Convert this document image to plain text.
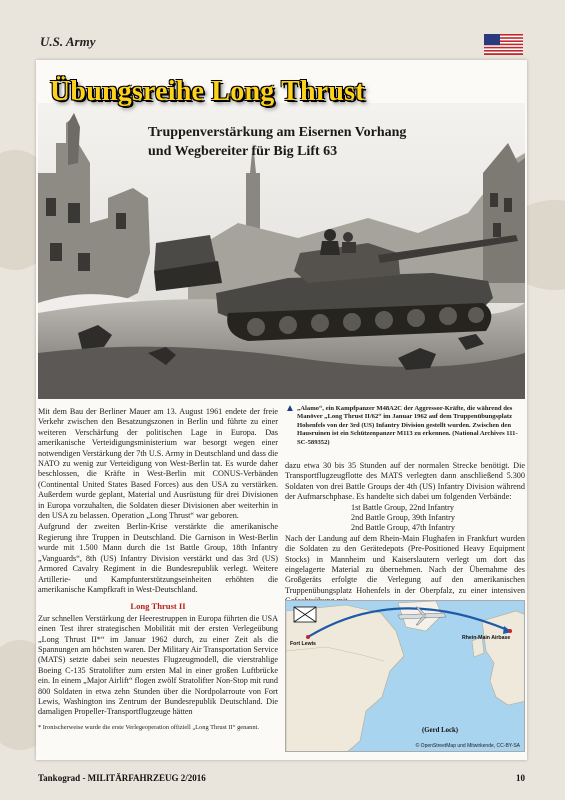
U.S. Army
Übungsreihe Long Thrust
Truppenverstärkung am Eisernen Vorhang
und Wegbereiter für Big Lift 63

Mit dem Bau der Berliner Mauer am 13. August 1961 endete der freie Verkehr zwischen den Besatzungszonen in Berlin und führte zu einer weiteren Verschärfung der politischen Lage in Europa. Das amerikanische Verteidigungsministerium war besorgt wegen einer notwendigen Verstärkung der 7th U.S. Army in Deutschland und dass die NATO zu wenig zur Verteidigung von West-Berlin tat. Es wurde daher beschlossen, die Kräfte in West-Berlin mit CONUS-Verbänden (Continental United States Based Forces) aus den USA zu verstärken. Außerdem wurde geplant, Material und Ausrüstung für drei Divisionen in Europa vorzuhalten, die Soldaten dieser Divisionen aber weiterhin in den USA zu belassen. Operation „Long Thrust“ war geboren.

Aufgrund der zweiten Berlin-Krise verstärkte die amerikanische Regierung ihre Truppen in Deutschland. Die Garnison in West-Berlin wurde mit 1.500 Mann durch die 1st Battle Group, 18th Infantry „Vanguards“, 8th (US) Infantry Division verstärkt und das 3rd (US) Armored Cavalry Regiment in die Bundesrepublik verlegt. Weitere Artillerie- und Kampfunterstützungseinheiten erhöhten die amerikanische Kampfkraft in West-Deutschland.

Long Thrust II

Zur schnellen Verstärkung der Heerestruppen in Europa führten die USA einen Test ihrer strategischen Mobilität mit der ersten Verlegeübung „Long Thrust II*“ im Januar 1962 durch, zu einer Zeit als die Spannungen am höchsten waren. Der Military Air Transportation Service (MATS) setzte dabei sein neuestes Flugzeugmodell, die vierstrahlige Boeing C-135 Stratolifter zum ersten Mal in einer großen Luftbrücke ein. In einem „Major Airlift“ flogen zwölf Stratolifter Non-Stop mit rund 800 Soldaten in etwa zehn Stunden über die Nordpolarroute von Fort Lewis, Washington ins Zentrum der Bundesrepublik Deutschland. Die damaligen Propeller-Transportflugzeuge hätten

* Ironischerweise wurde die erste Verlegeoperation offiziell „Long Thrust II“ genannt.

▲ „Alamo“, ein Kampfpanzer M48A2C der Aggressor-Kräfte, die während des Manöver „Long Thrust II/62“ im Januar 1962 auf dem Truppenübungsplatz Hohenfels von der 3rd (US) Infantry Division gestellt wurden. Zwischen den Hausruinen ist ein Schützenpanzer M113 zu erkennen. (National Archives 111-SC-589352)

dazu etwa 30 bis 35 Stunden auf der normalen Strecke benötigt. Die Transportflugzeugflotte des MATS verlegten dann anschließend 5.300 Soldaten von drei Battle Groups der 4th (US) Infantry Division während der Aufmarschphase. Es handelte sich dabei um folgenden Verbände:

1st Battle Group, 22nd Infantry
2nd Battle Group, 39th Infantry
2nd Battle Group, 47th Infantry

Nach der Landung auf dem Rhein-Main Flughafen in Frankfurt wurden die Soldaten zu den Gerätedepots (Pre-Positioned Heavy Equipment Stocks) in Mannheim und Kaiserslautern verlegt um dort das eingelagerte Material zu übernehmen. Nach der Übernahme des Großgeräts erfolgte die Verlegung auf den amerikanischen Truppenübungsplatz Hohenfels in der Oberpfalz, zu einer intensiven

Fort Lewis
Rhein-Main Airbase
© OpenStreetMap und Mitwirkende, CC-BY-SA
(Gerd Lock)
Tankograd - MILITÄRFAHRZEUG 2/2016	10
